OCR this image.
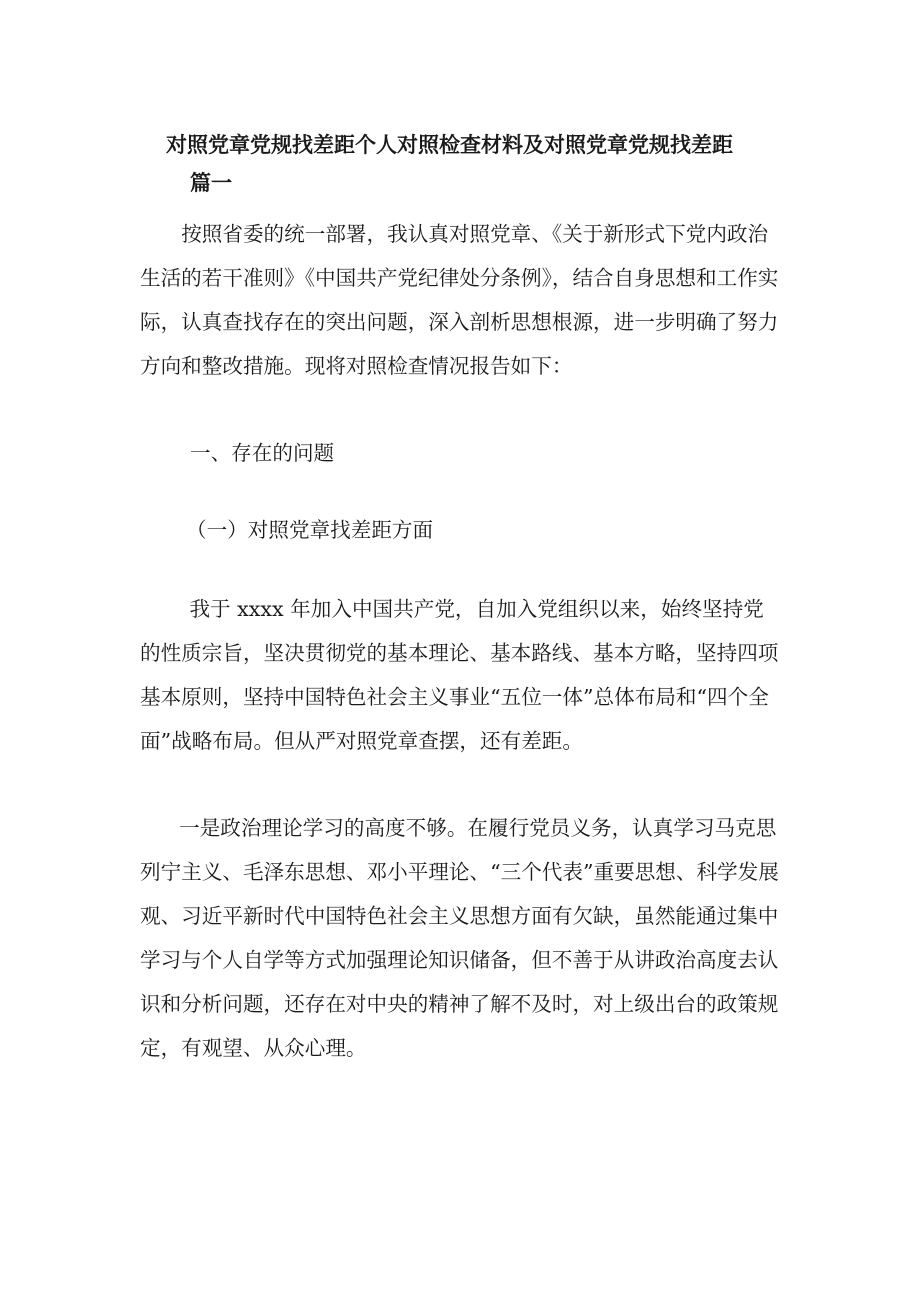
对照党章党规找差距个人对照检查材料及对照党章党规找差距
篇一

按照省委的统一部署，我认真对照党章、《关于新形式下党内政治生活的若干准则》《中国共产党纪律处分条例》，结合自身思想和工作实际，认真查找存在的突出问题，深入剖析思想根源，进一步明确了努力方向和整改措施。现将对照检查情况报告如下：

一、存在的问题

（一）对照党章找差距方面

我于 xxxx 年加入中国共产党，自加入党组织以来，始终坚持党的性质宗旨，坚决贯彻党的基本理论、基本路线、基本方略，坚持四项基本原则，坚持中国特色社会主义事业“五位一体”总体布局和“四个全面”战略布局。但从严对照党章查摆，还有差距。

一是政治理论学习的高度不够。在履行党员义务，认真学习马克思列宁主义、毛泽东思想、邓小平理论、“三个代表”重要思想、科学发展观、习近平新时代中国特色社会主义思想方面有欠缺，虽然能通过集中学习与个人自学等方式加强理论知识储备，但不善于从讲政治高度去认识和分析问题，还存在对中央的精神了解不及时，对上级出台的政策规定，有观望、从众心理。
